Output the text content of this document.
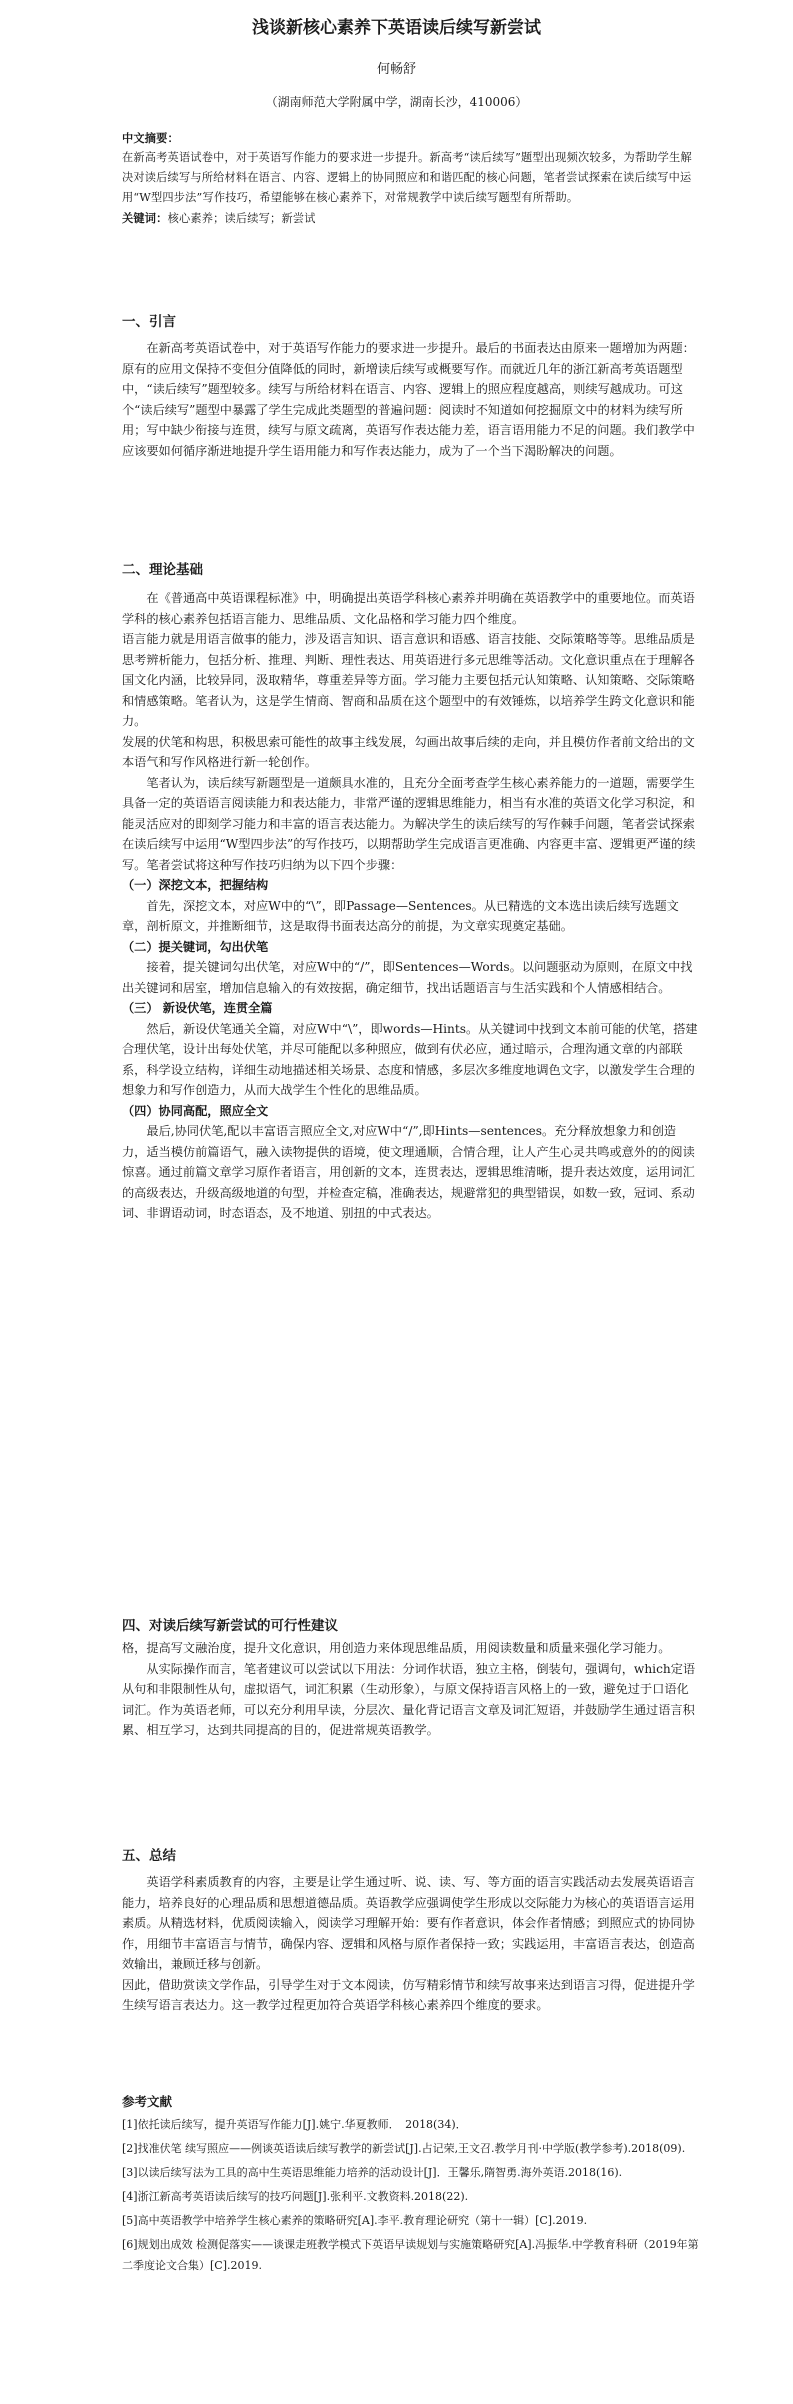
浅谈新核心素养下英语读后续写新尝试
何畅舒
（湖南师范大学附属中学，湖南长沙，410006）

中文摘要：

在新高考英语试卷中，对于英语写作能力的要求进一步提升。新高考“读后续写”题型出现频次较多，为帮助学生解决对读后续写与所给材料在语言、内容、逻辑上的协同照应和和谐匹配的核心问题，笔者尝试探索在读后续写中运用“W型四步法”写作技巧，希望能够在核心素养下，对常规教学中读后续写题型有所帮助。

关键词：核心素养；读后续写；新尝试

一、引言

在新高考英语试卷中，对于英语写作能力的要求进一步提升。最后的书面表达由原来一题增加为两题：原有的应用文保持不变但分值降低的同时，新增读后续写或概要写作。而就近几年的浙江新高考英语题型中，“读后续写”题型较多。续写与所给材料在语言、内容、逻辑上的照应程度越高，则续写越成功。可这个“读后续写”题型中暴露了学生完成此类题型的普遍问题：阅读时不知道如何挖掘原文中的材料为续写所用；写中缺少衔接与连贯，续写与原文疏离，英语写作表达能力差，语言语用能力不足的问题。我们教学中应该要如何循序渐进地提升学生语用能力和写作表达能力，成为了一个当下渴盼解决的问题。

二、理论基础

在《普通高中英语课程标准》中，明确提出英语学科核心素养并明确在英语教学中的重要地位。而英语学科的核心素养包括语言能力、思维品质、文化品格和学习能力四个维度。

语言能力就是用语言做事的能力，涉及语言知识、语言意识和语感、语言技能、交际策略等等。思维品质是思考辨析能力，包括分析、推理、判断、理性表达、用英语进行多元思维等活动。文化意识重点在于理解各国文化内涵，比较异同，汲取精华，尊重差异等方面。学习能力主要包括元认知策略、认知策略、交际策略和情感策略。笔者认为，这是学生情商、智商和品质在这个题型中的有效锤炼，以培养学生跨文化意识和能力。

发展的伏笔和构思，积极思索可能性的故事主线发展，勾画出故事后续的走向，并且模仿作者前文给出的文本语气和写作风格进行新一轮创作。

笔者认为，读后续写新题型是一道颇具水准的，且充分全面考查学生核心素养能力的一道题，需要学生具备一定的英语语言阅读能力和表达能力，非常严谨的逻辑思维能力，相当有水准的英语文化学习积淀，和能灵活应对的即刻学习能力和丰富的语言表达能力。为解决学生的读后续写的写作棘手问题，笔者尝试探索在读后续写中运用“W型四步法”的写作技巧，以期帮助学生完成语言更准确、内容更丰富、逻辑更严谨的续写。笔者尝试将这种写作技巧归纳为以下四个步骤：

（一）深挖文本，把握结构

首先，深挖文本，对应W中的“\”，即Passage—Sentences。从已精选的文本选出读后续写选题文章，剖析原文，并推断细节，这是取得书面表达高分的前提，为文章实现奠定基础。

（二）提关键词，勾出伏笔

接着，提关键词勾出伏笔，对应W中的“/”，即Sentences—Words。以问题驱动为原则，在原文中找出关键词和居室，增加信息输入的有效按据，确定细节，找出话题语言与生活实践和个人情感相结合。

（三） 新设伏笔，连贯全篇

然后，新设伏笔通关全篇，对应W中“\”，即words—Hints。从关键词中找到文本前可能的伏笔，搭建合理伏笔，设计出每处伏笔，并尽可能配以多种照应，做到有伏必应，通过暗示，合理沟通文章的内部联系，科学设立结构，详细生动地描述相关场景、态度和情感，多层次多维度地调色文字，以激发学生合理的想象力和写作创造力，从而大战学生个性化的思维品质。

（四）协同高配，照应全文

最后,协同伏笔,配以丰富语言照应全文,对应W中“/”,即Hints—sentences。充分释放想象力和创造力，适当模仿前篇语气，融入读物提供的语境，使文理通顺，合情合理，让人产生心灵共鸣或意外的的阅读惊喜。通过前篇文章学习原作者语言，用创新的文本，连贯表达，逻辑思维清晰，提升表达效度，运用词汇的高级表达，升级高级地道的句型，并检查定稿，准确表达，规避常犯的典型错误，如数一致，冠词、系动词、非谓语动词，时态语态，及不地道、别扭的中式表达。

四、对读后续写新尝试的可行性建议

格，提高写文融治度，提升文化意识，用创造力来体现思维品质，用阅读数量和质量来强化学习能力。

从实际操作而言，笔者建议可以尝试以下用法：分词作状语，独立主格，倒装句，强调句，which定语从句和非限制性从句，虚拟语气，词汇积累（生动形象），与原文保持语言风格上的一致，避免过于口语化词汇。作为英语老师，可以充分利用早读，分层次、量化背记语言文章及词汇短语，并鼓励学生通过语言积累、相互学习，达到共同提高的目的，促进常规英语教学。

五、总结

英语学科素质教育的内容，主要是让学生通过听、说、读、写、等方面的语言实践活动去发展英语语言能力，培养良好的心理品质和思想道德品质。英语教学应强调使学生形成以交际能力为核心的英语语言运用素质。从精选材料，优质阅读输入，阅读学习理解开始：要有作者意识，体会作者情感；到照应式的协同协作，用细节丰富语言与情节，确保内容、逻辑和风格与原作者保持一致；实践运用，丰富语言表达，创造高效输出，兼顾迁移与创新。

因此，借助赏读文学作品，引导学生对于文本阅读，仿写精彩情节和续写故事来达到语言习得，促进提升学生续写语言表达力。这一教学过程更加符合英语学科核心素养四个维度的要求。

参考文献

[1]依托读后续写，提升英语写作能力[J].姚宁.华夏教师．　2018(34)．

[2]找准伏笔 续写照应——例谈英语读后续写教学的新尝试[J].占记荣,王文召.教学月刊·中学版(教学参考).2018(09).

[3]以读后续写法为工具的高中生英语思维能力培养的活动设计[J]．王馨乐,隋智勇.海外英语.2018(16).

[4]浙江新高考英语读后续写的技巧问题[J].张利平.文教资料.2018(22).

[5]高中英语教学中培养学生核心素养的策略研究[A].李平.教育理论研究（第十一辑）[C].2019.

[6]规划出成效 检测促落实——谈课走班教学模式下英语早读规划与实施策略研究[A].冯振华.中学教育科研（2019年第二季度论文合集）[C].2019.
